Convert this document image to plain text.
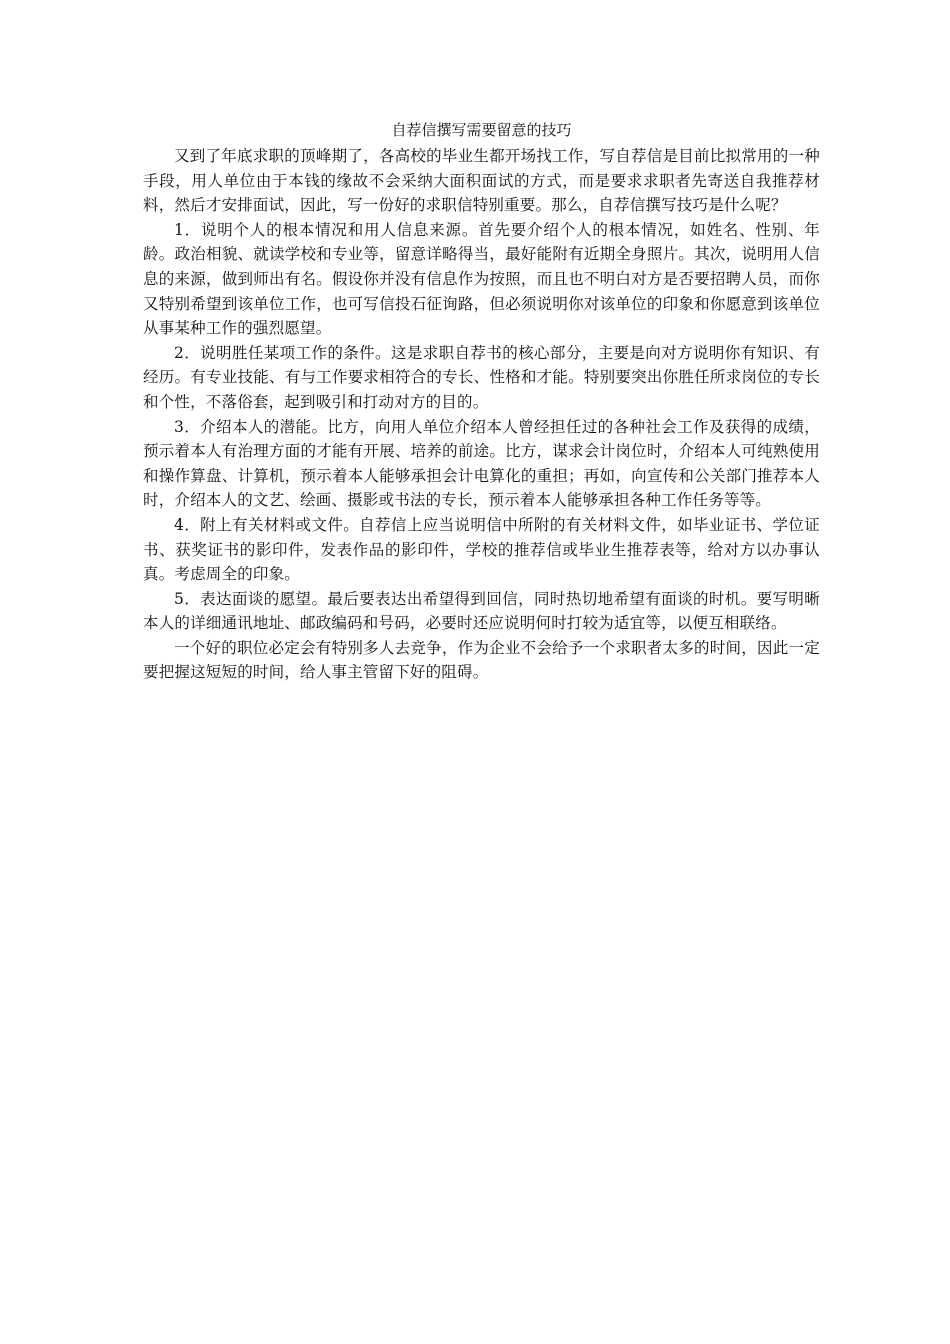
自荐信撰写需要留意的技巧

又到了年底求职的顶峰期了，各高校的毕业生都开场找工作，写自荐信是目前比拟常用的一种手段，用人单位由于本钱的缘故不会采纳大面积面试的方式，而是要求求职者先寄送自我推荐材料，然后才安排面试，因此，写一份好的求职信特别重要。那么，自荐信撰写技巧是什么呢？

1．说明个人的根本情况和用人信息来源。首先要介绍个人的根本情况，如姓名、性别、年龄。政治相貌、就读学校和专业等，留意详略得当，最好能附有近期全身照片。其次，说明用人信息的来源，做到师出有名。假设你并没有信息作为按照，而且也不明白对方是否要招聘人员，而你又特别希望到该单位工作，也可写信投石征询路，但必须说明你对该单位的印象和你愿意到该单位从事某种工作的强烈愿望。

2．说明胜任某项工作的条件。这是求职自荐书的核心部分，主要是向对方说明你有知识、有经历。有专业技能、有与工作要求相符合的专长、性格和才能。特别要突出你胜任所求岗位的专长和个性，不落俗套，起到吸引和打动对方的目的。

3．介绍本人的潜能。比方，向用人单位介绍本人曾经担任过的各种社会工作及获得的成绩，预示着本人有治理方面的才能有开展、培养的前途。比方，谋求会计岗位时，介绍本人可纯熟使用和操作算盘、计算机，预示着本人能够承担会计电算化的重担；再如，向宣传和公关部门推荐本人时，介绍本人的文艺、绘画、摄影或书法的专长，预示着本人能够承担各种工作任务等等。

4．附上有关材料或文件。自荐信上应当说明信中所附的有关材料文件，如毕业证书、学位证书、获奖证书的影印件，发表作品的影印件，学校的推荐信或毕业生推荐表等，给对方以办事认真。考虑周全的印象。

5．表达面谈的愿望。最后要表达出希望得到回信，同时热切地希望有面谈的时机。要写明晰本人的详细通讯地址、邮政编码和号码，必要时还应说明何时打较为适宜等，以便互相联络。

一个好的职位必定会有特别多人去竞争，作为企业不会给予一个求职者太多的时间，因此一定要把握这短短的时间，给人事主管留下好的阻碍。
